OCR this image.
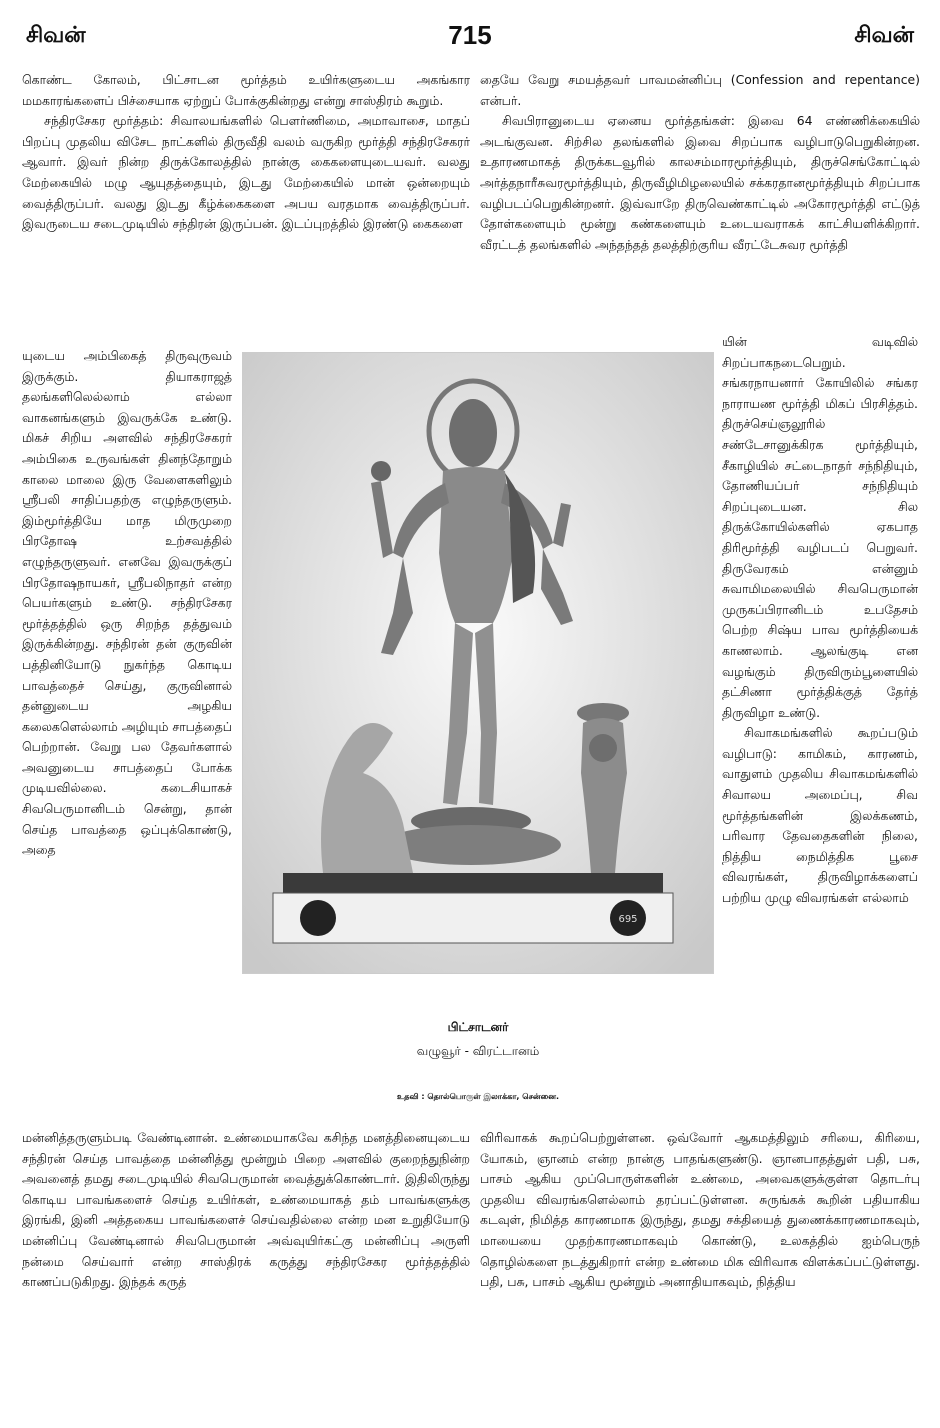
சிவன்	715	சிவன்

கொண்ட கோலம், பிட்சாடன மூர்த்தம் உயிர்களுடைய அகங்கார மமகாரங்களைப் பிச்சையாக ஏற்றுப் போக்குகின்றது என்று சாஸ்திரம் கூறும்.

சந்திரசேகர மூர்த்தம்: சிவாலயங்களில் பௌர்ணிமை, அமாவாசை, மாதப் பிறப்பு முதலிய விசேட நாட்களில் திருவீதி வலம் வருகிற மூர்த்தி சந்திரசேகரர் ஆவார். இவர் நின்ற திருக்கோலத்தில் நான்கு கைகளையுடையவர். வலது மேற்கையில் மழு ஆயுதத்தையும், இடது மேற்கையில் மான் ஒன்றையும் வைத்திருப்பர். வலது இடது கீழ்க்கைகளை அபய வரதமாக வைத்திருப்பர். இவருடைய சடைமுடியில் சந்திரன் இருப்பன். இடப்புறத்தில் இரண்டு கைகளை

தையே வேறு சமயத்தவர் பாவமன்னிப்பு (Confession and repentance) என்பர்.

சிவபிரானுடைய ஏனைய மூர்த்தங்கள்: இவை 64 எண்ணிக்கையில் அடங்குவன. சிற்சில தலங்களில் இவை சிறப்பாக வழிபாடுபெறுகின்றன. உதாரணமாகத் திருக்கடவூரில் காலசம்மாரமூர்த்தியும், திருச்செங்கோட்டில் அர்த்தநாரீசுவரமூர்த்தியும், திருவீழிமிழலையில் சக்கரதானமூர்த்தியும் சிறப்பாக வழிபடப்பெறுகின்றனர். இவ்வாறே திருவெண்காட்டில் அகோரமூர்த்தி எட்டுத் தோள்களையும் மூன்று கண்களையும் உடையவராகக் காட்சியளிக்கிறார். வீரட்டத் தலங்களில் அந்தந்தத் தலத்திற்குரிய வீரட்டேசுவர மூர்த்தி

யுடைய அம்பிகைத் திருவுருவம் இருக்கும். தியாகராஜத் தலங்களிலெல்லாம் எல்லா வாகனங்களும் இவருக்கே உண்டு. மிகச் சிறிய அளவில் சந்திரசேகரர் அம்பிகை உருவங்கள் தினந்தோறும் காலை மாலை இரு வேளைகளிலும் ஸ்ரீபலி சாதிப்பதற்கு எழுந்தருளும். இம்மூர்த்தியே மாத மிருமுறை பிரதோஷ உற்சவத்தில் எழுந்தருளுவர். எனவே இவருக்குப் பிரதோஷநாயகர், ஸ்ரீபலிநாதர் என்ற பெயர்களும் உண்டு. சந்திரசேகர மூர்த்தத்தில் ஒரு சிறந்த தத்துவம் இருக்கின்றது. சந்திரன் தன் குருவின் பத்தினியோடு நுகர்ந்த கொடிய பாவத்தைச் செய்து, குருவினால் தன்னுடைய அழகிய கலைகளெல்லாம் அழியும் சாபத்தைப் பெற்றான். வேறு பல தேவர்களால் அவனுடைய சாபத்தைப் போக்க முடியவில்லை. கடைசியாகச் சிவபெருமானிடம் சென்று, தான் செய்த பாவத்தை ஒப்புக்கொண்டு, அதை

யின் வடிவில் சிறப்பாகநடைபெறும். சங்கரநாயனார் கோயிலில் சங்கர நாராயண மூர்த்தி மிகப் பிரசித்தம். திருச்செய்ஞலூரில் சண்டேசானுக்கிரக மூர்த்தியும், சீகாழியில் சட்டைநாதர் சந்நிதியும், தோணியப்பர் சந்நிதியும் சிறப்புடையன. சில திருக்கோயில்களில் ஏகபாத திரிமூர்த்தி வழிபடப் பெறுவர். திருவேரகம் என்னும் சுவாமிமலையில் சிவபெருமான் முருகப்பிரானிடம் உபதேசம் பெற்ற சிஷ்ய பாவ மூர்த்தியைக் காணலாம். ஆலங்குடி என வழங்கும் திருவிரும்பூளையில் தட்சிணா மூர்த்திக்குத் தேர்த் திருவிழா உண்டு.

சிவாகமங்களில் கூறப்படும் வழிபாடு: காமிகம், காரணம், வாதுளம் முதலிய சிவாகமங்களில் சிவாலய அமைப்பு, சிவ மூர்த்தங்களின் இலக்கணம், பரிவார தேவதைகளின் நிலை, நித்திய நைமித்திக பூசை விவரங்கள், திருவிழாக்களைப் பற்றிய முழு விவரங்கள் எல்லாம்

695
பிட்சாடனர்
வழுவூர் - விரட்டானம்
உதவி : தொல்பொருள் இலாக்கா, சென்னை.

மன்னித்தருளும்படி வேண்டினான். உண்மையாகவே கசிந்த மனத்தினையுடைய சந்திரன் செய்த பாவத்தை மன்னித்து மூன்றும் பிறை அளவில் குறைந்துநின்ற அவனைத் தமது சடைமுடியில் சிவபெருமான் வைத்துக்கொண்டார். இதிலிருந்து கொடிய பாவங்களைச் செய்த உயிர்கள், உண்மையாகத் தம் பாவங்களுக்கு இரங்கி, இனி அத்தகைய பாவங்களைச் செய்வதில்லை என்ற மன உறுதியோடு மன்னிப்பு வேண்டினால் சிவபெருமான் அவ்வுயிர்கட்கு மன்னிப்பு அருளி நன்மை செய்வார் என்ற சாஸ்திரக் கருத்து சந்திரசேகர மூர்த்தத்தில் காணப்படுகிறது. இந்தக் கருத்

விரிவாகக் கூறப்பெற்றுள்ளன. ஒவ்வோர் ஆகமத்திலும் சரியை, கிரியை, யோகம், ஞானம் என்ற நான்கு பாதங்களுண்டு. ஞானபாதத்துள் பதி, பசு, பாசம் ஆகிய முப்பொருள்களின் உண்மை, அவைகளுக்குள்ள தொடர்பு முதலிய விவரங்களெல்லாம் தரப்பட்டுள்ளன. சுருங்கக் கூறின் பதியாகிய கடவுள், நிமித்த காரணமாக இருந்து, தமது சக்தியைத் துணைக்காரணமாகவும், மாயையை முதற்காரணமாகவும் கொண்டு, உலகத்தில் ஐம்பெருந் தொழில்களை நடத்துகிறார் என்ற உண்மை மிக விரிவாக விளக்கப்பட்டுள்ளது. பதி, பசு, பாசம் ஆகிய மூன்றும் அனாதியாகவும், நித்திய
